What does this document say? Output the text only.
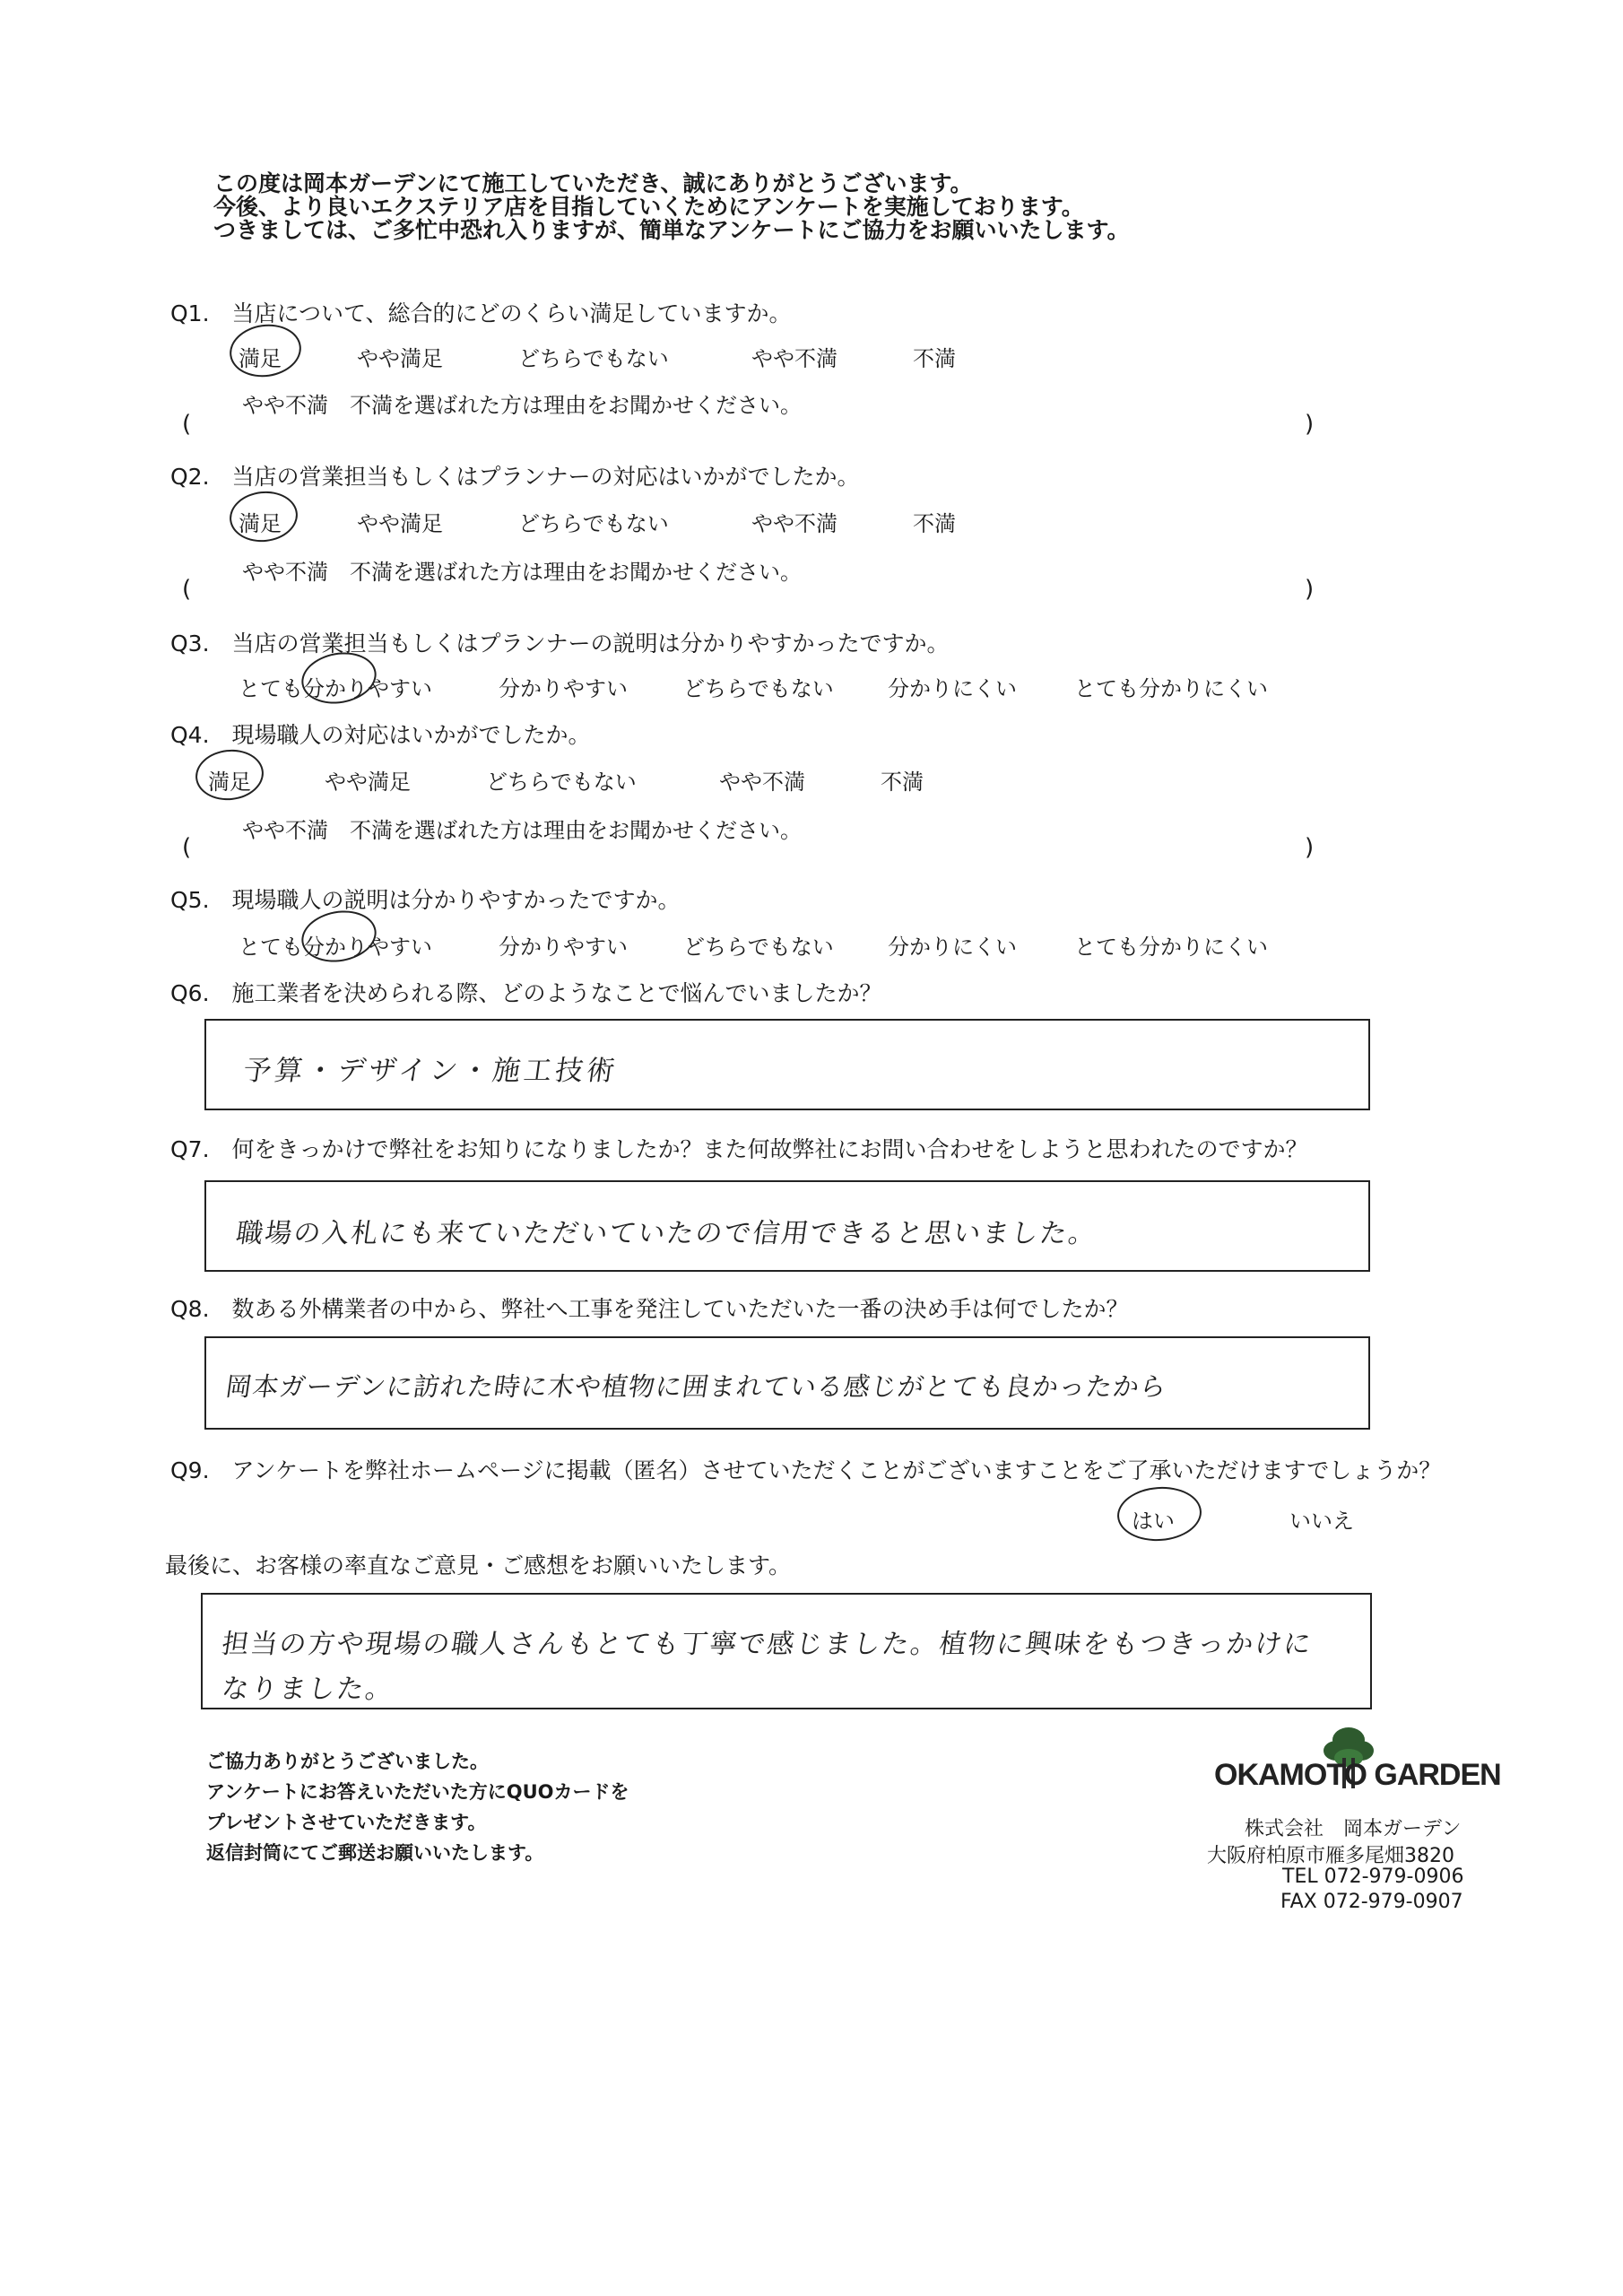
この度は岡本ガーデンにて施工していただき、誠にありがとうございます。
今後、より良いエクステリア店を目指していくためにアンケートを実施しております。
つきましては、ご多忙中恐れ入りますが、簡単なアンケートにご協力をお願いいたします。
Q1.　当店について、総合的にどのくらい満足していますか。
満足	やや満足	どちらでもない	やや不満	不満
やや不満　不満を選ばれた方は理由をお聞かせください。
(	)
Q2.　当店の営業担当もしくはプランナーの対応はいかがでしたか。
満足	やや満足	どちらでもない	やや不満	不満
やや不満　不満を選ばれた方は理由をお聞かせください。
(	)
Q3.　当店の営業担当もしくはプランナーの説明は分かりやすかったですか。
とても分かりやすい	分かりやすい	どちらでもない	分かりにくい	とても分かりにくい
Q4.　現場職人の対応はいかがでしたか。
満足	やや満足	どちらでもない	やや不満	不満
やや不満　不満を選ばれた方は理由をお聞かせください。
(	)
Q5.　現場職人の説明は分かりやすかったですか。
とても分かりやすい	分かりやすい	どちらでもない	分かりにくい	とても分かりにくい
Q6.　施工業者を決められる際、どのようなことで悩んでいましたか？
予算・デザイン・施工技術
Q7.　何をきっかけで弊社をお知りになりましたか？また何故弊社にお問い合わせをしようと思われたのですか？
職場の入札にも来ていただいていたので信用できると思いました。
Q8.　数ある外構業者の中から、弊社へ工事を発注していただいた一番の決め手は何でしたか？
岡本ガーデンに訪れた時に木や植物に囲まれている感じがとても良かったから
Q9.　アンケートを弊社ホームページに掲載（匿名）させていただくことがございますことをご了承いただけますでしょうか？
はい	いいえ
最後に、お客様の率直なご意見・ご感想をお願いいたします。
担当の方や現場の職人さんもとても丁寧で感じました。植物に興味をもつきっかけに
なりました。
ご協力ありがとうございました。
アンケートにお答えいただいた方にQUOカードを
プレゼントさせていただきます。
返信封筒にてご郵送お願いいたします。
OKAMOTO GARDEN
株式会社　岡本ガーデン
大阪府柏原市雁多尾畑3820
TEL 072-979-0906
FAX 072-979-0907
